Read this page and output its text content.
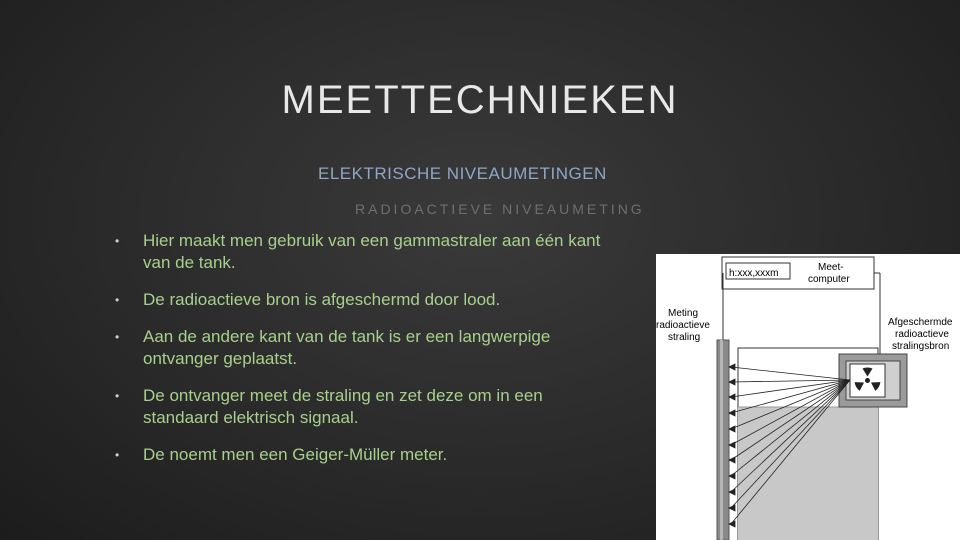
MEETTECHNIEKEN
ELEKTRISCHE NIVEAUMETINGEN
RADIOACTIEVE NIVEAUMETING
• Hier maakt men gebruik van een gammastraler aan één kant van de tank.
• De radioactieve bron is afgeschermd door lood.
• Aan de andere kant van de tank is er een langwerpige ontvanger geplaatst.
• De ontvanger meet de straling en zet deze om in een standaard elektrisch signaal.
• De noemt men een Geiger-Müller meter.
h:xxx,xxxm
Meet-
computer
Meting
radioactieve
straling
Afgeschermde
radioactieve
stralingsbron
